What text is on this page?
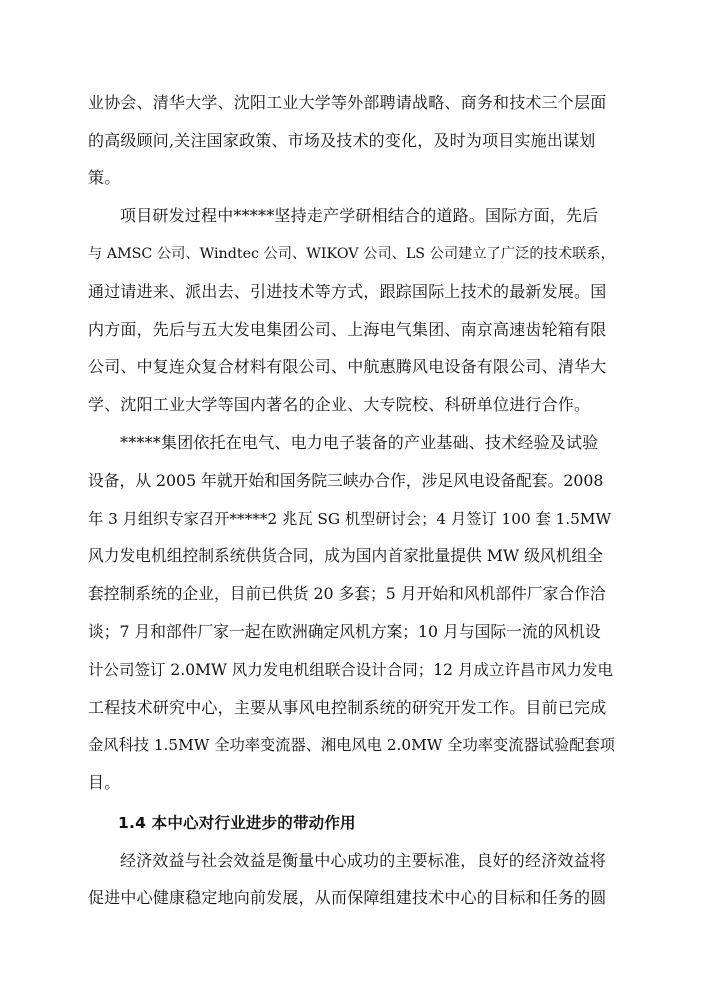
业协会、清华大学、沈阳工业大学等外部聘请战略、商务和技术三个层面
的高级顾问,关注国家政策、市场及技术的变化，及时为项目实施出谋划
策。
项目研发过程中*****坚持走产学研相结合的道路。国际方面，先后
与 AMSC 公司、Windtec 公司、WIKOV 公司、LS 公司建立了广泛的技术联系，
通过请进来、派出去、引进技术等方式，跟踪国际上技术的最新发展。国
内方面，先后与五大发电集团公司、上海电气集团、南京高速齿轮箱有限
公司、中复连众复合材料有限公司、中航惠腾风电设备有限公司、清华大
学、沈阳工业大学等国内著名的企业、大专院校、科研单位进行合作。
*****集团依托在电气、电力电子装备的产业基础、技术经验及试验
设备，从 2005 年就开始和国务院三峡办合作，涉足风电设备配套。2008
年 3 月组织专家召开*****2 兆瓦 SG 机型研讨会；4 月签订 100 套 1.5MW
风力发电机组控制系统供货合同，成为国内首家批量提供 MW 级风机组全
套控制系统的企业，目前已供货 20 多套；5 月开始和风机部件厂家合作洽
谈；7 月和部件厂家一起在欧洲确定风机方案；10 月与国际一流的风机设
计公司签订 2.0MW 风力发电机组联合设计合同；12 月成立许昌市风力发电
工程技术研究中心，主要从事风电控制系统的研究开发工作。目前已完成
金风科技 1.5MW 全功率变流器、湘电风电 2.0MW 全功率变流器试验配套项
目。
1.4 本中心对行业进步的带动作用
经济效益与社会效益是衡量中心成功的主要标准，良好的经济效益将
促进中心健康稳定地向前发展，从而保障组建技术中心的目标和任务的圆
